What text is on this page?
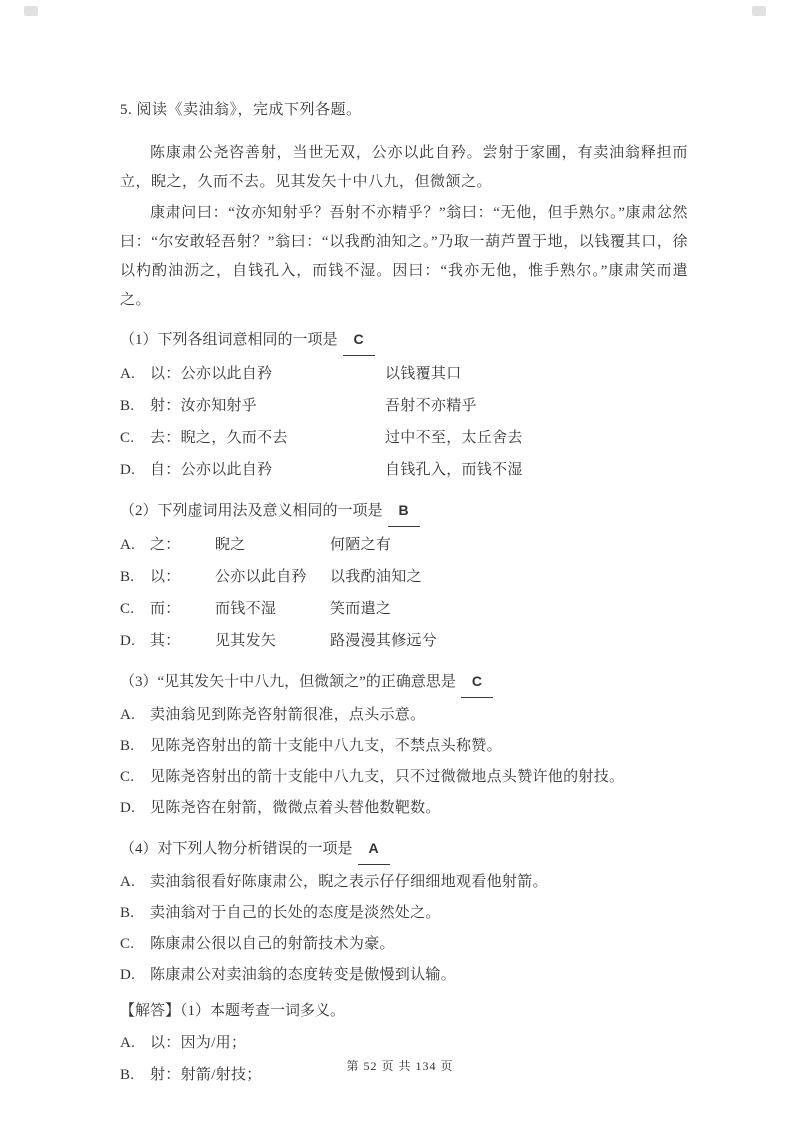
5. 阅读《卖油翁》，完成下列各题。

陈康肃公尧咨善射，当世无双，公亦以此自矜。尝射于家圃，有卖油翁释担而立，睨之，久而不去。见其发矢十中八九，但微颔之。

康肃问曰：“汝亦知射乎？吾射不亦精乎？”翁曰：“无他，但手熟尔。”康肃忿然曰：“尔安敢轻吾射？”翁曰：“以我酌油知之。”乃取一葫芦置于地，以钱覆其口，徐以杓酌油沥之，自钱孔入，而钱不湿。因曰：“我亦无他，惟手熟尔。”康肃笑而遣之。

（1）下列各组词意相同的一项是 C
A. 以：公亦以此自矜	以钱覆其口
B.	射：汝亦知射乎	吾射不亦精乎
C.	去：睨之，久而不去	过中不至，太丘舍去
D. 自：公亦以此自矜	自钱孔入，而钱不湿
（2）下列虚词用法及意义相同的一项是 B
A. 之：	睨之	何陋之有
B.	以：	公亦以此自矜	以我酌油知之
C.	而：	而钱不湿	笑而遣之
D. 其：	见其发矢	路漫漫其修远兮
（3）“见其发矢十中八九，但微颔之”的正确意思是 C
A. 卖油翁见到陈尧咨射箭很准，点头示意。
B.	见陈尧咨射出的箭十支能中八九支，不禁点头称赞。
C.	见陈尧咨射出的箭十支能中八九支，只不过微微地点头赞许他的射技。
D. 见陈尧咨在射箭，微微点着头替他数靶数。
（4）对下列人物分析错误的一项是 A
A. 卖油翁很看好陈康肃公，睨之表示仔仔细细地观看他射箭。
B.	卖油翁对于自己的长处的态度是淡然处之。
C.	陈康肃公很以自己的射箭技术为豪。
D. 陈康肃公对卖油翁的态度转变是傲慢到认输。
【解答】（1）本题考查一词多义。
A. 以：因为/用；
B.	射：射箭/射技；
第 52 页 共 134 页
